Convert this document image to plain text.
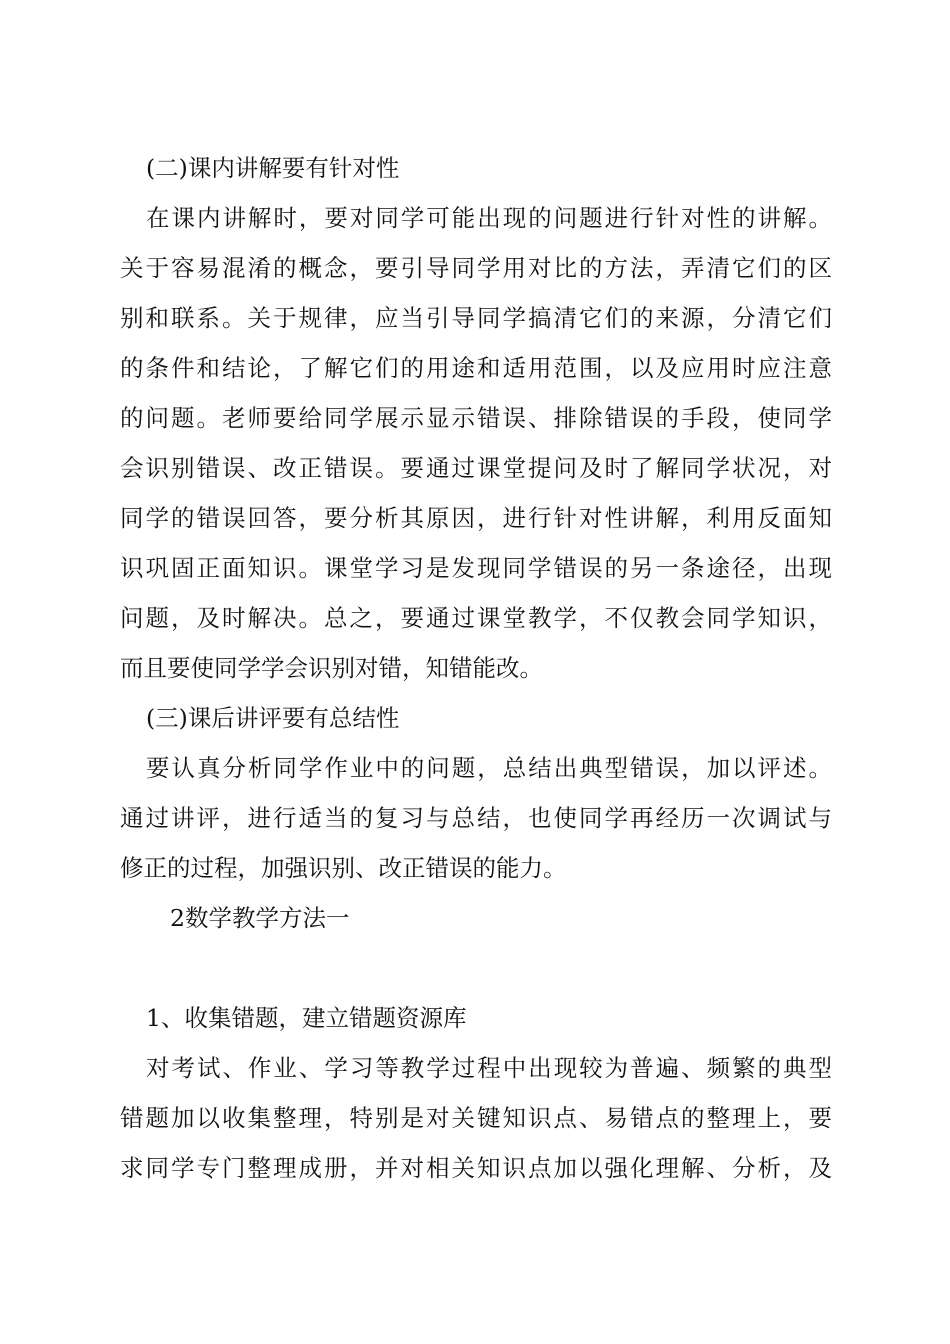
(二)课内讲解要有针对性
在课内讲解时，要对同学可能出现的问题进行针对性的讲解。
关于容易混淆的概念，要引导同学用对比的方法，弄清它们的区
别和联系。关于规律，应当引导同学搞清它们的来源，分清它们
的条件和结论，了解它们的用途和适用范围，以及应用时应注意
的问题。老师要给同学展示显示错误、排除错误的手段，使同学
会识别错误、改正错误。要通过课堂提问及时了解同学状况，对
同学的错误回答，要分析其原因，进行针对性讲解，利用反面知
识巩固正面知识。课堂学习是发现同学错误的另一条途径，出现
问题，及时解决。总之，要通过课堂教学，不仅教会同学知识，
而且要使同学学会识别对错，知错能改。
(三)课后讲评要有总结性
要认真分析同学作业中的问题，总结出典型错误，加以评述。
通过讲评，进行适当的复习与总结，也使同学再经历一次调试与
修正的过程，加强识别、改正错误的能力。
2数学教学方法一
1、收集错题，建立错题资源库
对考试、作业、学习等教学过程中出现较为普遍、频繁的典型
错题加以收集整理，特别是对关键知识点、易错点的整理上，要
求同学专门整理成册，并对相关知识点加以强化理解、分析，及
